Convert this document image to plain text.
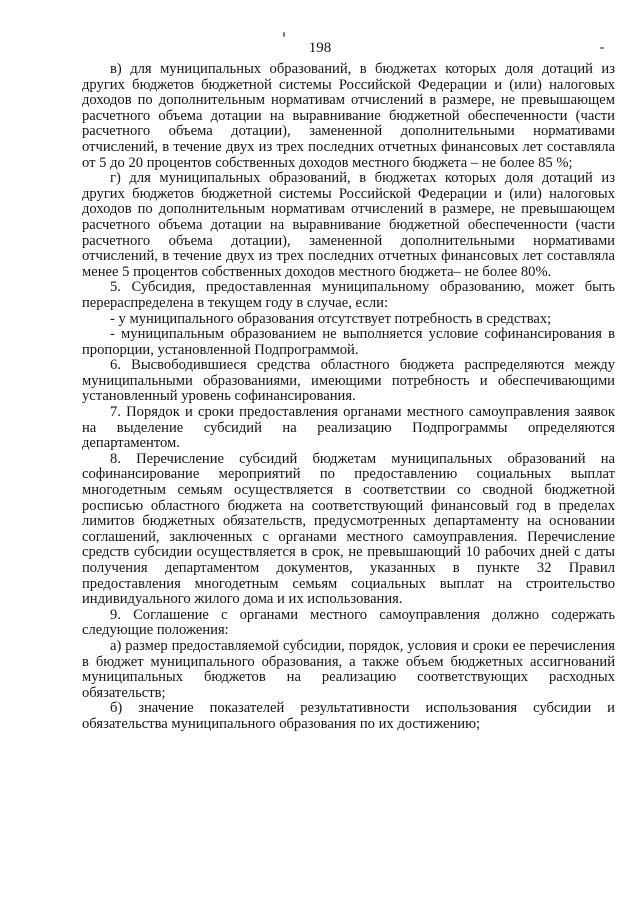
198

в) для муниципальных образований, в бюджетах которых доля дотаций из других бюджетов бюджетной системы Российской Федерации и (или) налоговых доходов по дополнительным нормативам отчислений в размере, не превышающем расчетного объема дотации на выравнивание бюджетной обеспеченности (части расчетного объема дотации), замененной дополнительными нормативами отчислений, в течение двух из трех последних отчетных финансовых лет составляла от 5 до 20 процентов собственных доходов местного бюджета – не более 85 %;

г) для муниципальных образований, в бюджетах которых доля дотаций из других бюджетов бюджетной системы Российской Федерации и (или) налоговых доходов по дополнительным нормативам отчислений в размере, не превышающем расчетного объема дотации на выравнивание бюджетной обеспеченности (части расчетного объема дотации), замененной дополнительными нормативами отчислений, в течение двух из трех последних отчетных финансовых лет составляла менее 5 процентов собственных доходов местного бюджета– не более 80%.

5. Субсидия, предоставленная муниципальному образованию, может быть перераспределена в текущем году в случае, если:

- у муниципального образования отсутствует потребность в средствах;

- муниципальным образованием не выполняется условие софинансирования в пропорции, установленной Подпрограммой.

6. Высвободившиеся средства областного бюджета распределяются между муниципальными образованиями, имеющими потребность и обеспечивающими установленный уровень софинансирования.

7. Порядок и сроки предоставления органами местного самоуправления заявок на выделение субсидий на реализацию Подпрограммы определяются департаментом.

8. Перечисление субсидий бюджетам муниципальных образований на софинансирование мероприятий по предоставлению социальных выплат многодетным семьям осуществляется в соответствии со сводной бюджетной росписью областного бюджета на соответствующий финансовый год в пределах лимитов бюджетных обязательств, предусмотренных департаменту на основании соглашений, заключенных с органами местного самоуправления. Перечисление средств субсидии осуществляется в срок, не превышающий 10 рабочих дней с даты получения департаментом документов, указанных в пункте 32 Правил предоставления многодетным семьям социальных выплат на строительство индивидуального жилого дома и их использования.

9. Соглашение с органами местного самоуправления должно содержать следующие положения:

а) размер предоставляемой субсидии, порядок, условия и сроки ее перечисления в бюджет муниципального образования, а также объем бюджетных ассигнований муниципальных бюджетов на реализацию соответствующих расходных обязательств;

б) значение показателей результативности использования субсидии и обязательства муниципального образования по их достижению;
